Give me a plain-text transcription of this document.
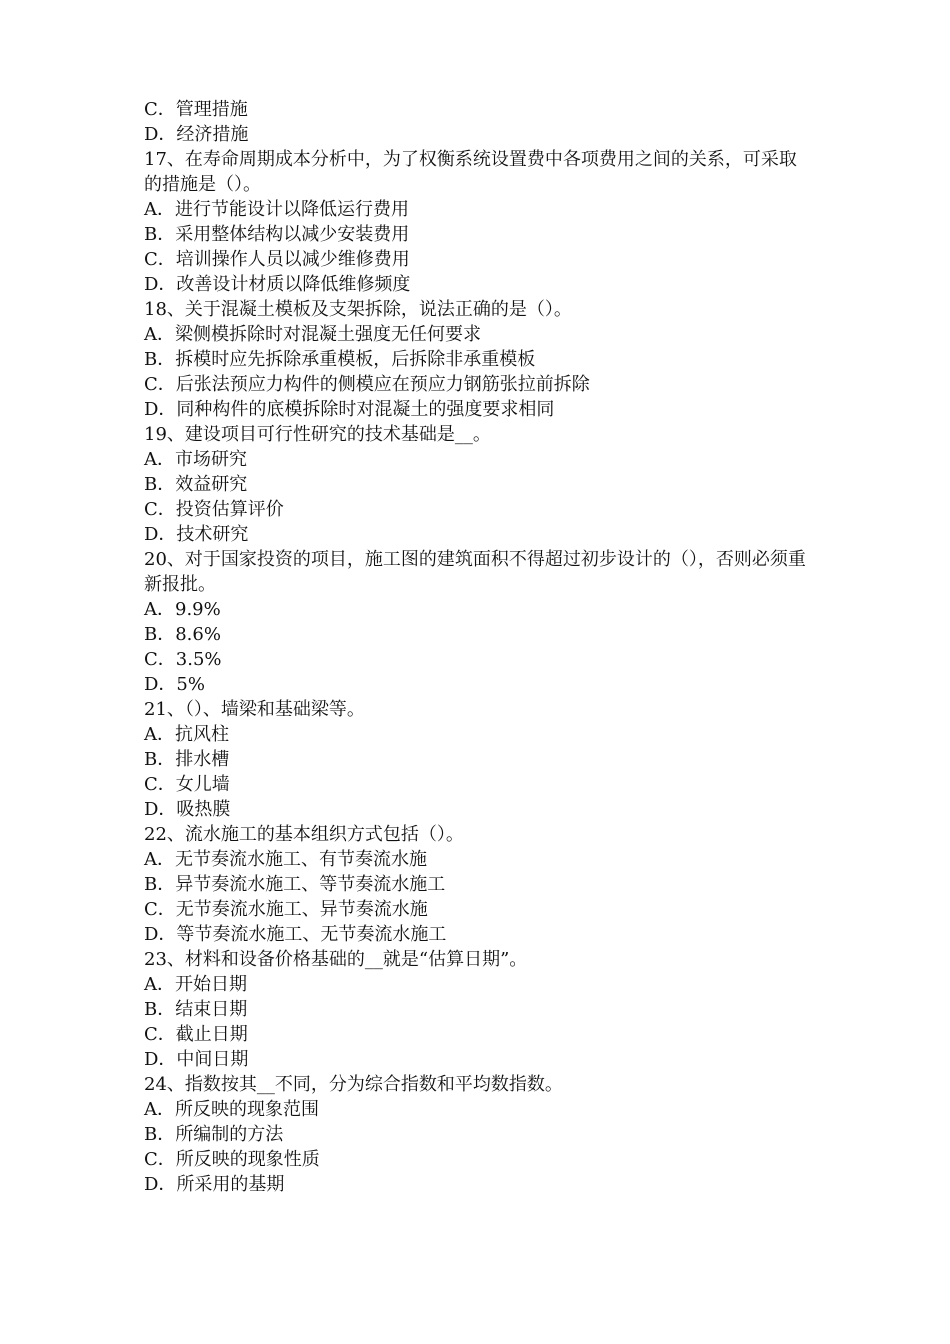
C．管理措施
D．经济措施
17、在寿命周期成本分析中，为了权衡系统设置费中各项费用之间的关系，可采取的措施是（）。
A．进行节能设计以降低运行费用
B．采用整体结构以减少安装费用
C．培训操作人员以减少维修费用
D．改善设计材质以降低维修频度
18、关于混凝土模板及支架拆除，说法正确的是（）。
A．梁侧模拆除时对混凝土强度无任何要求
B．拆模时应先拆除承重模板，后拆除非承重模板
C．后张法预应力构件的侧模应在预应力钢筋张拉前拆除
D．同种构件的底模拆除时对混凝土的强度要求相同
19、建设项目可行性研究的技术基础是__。
A．市场研究
B．效益研究
C．投资估算评价
D．技术研究
20、对于国家投资的项目，施工图的建筑面积不得超过初步设计的（），否则必须重新报批。
A．9.9%
B．8.6%
C．3.5%
D．5%
21、（）、墙梁和基础梁等。
A．抗风柱
B．排水槽
C．女儿墙
D．吸热膜
22、流水施工的基本组织方式包括（）。
A．无节奏流水施工、有节奏流水施
B．异节奏流水施工、等节奏流水施工
C．无节奏流水施工、异节奏流水施
D．等节奏流水施工、无节奏流水施工
23、材料和设备价格基础的__就是“估算日期”。
A．开始日期
B．结束日期
C．截止日期
D．中间日期
24、指数按其__不同，分为综合指数和平均数指数。
A．所反映的现象范围
B．所编制的方法
C．所反映的现象性质
D．所采用的基期
